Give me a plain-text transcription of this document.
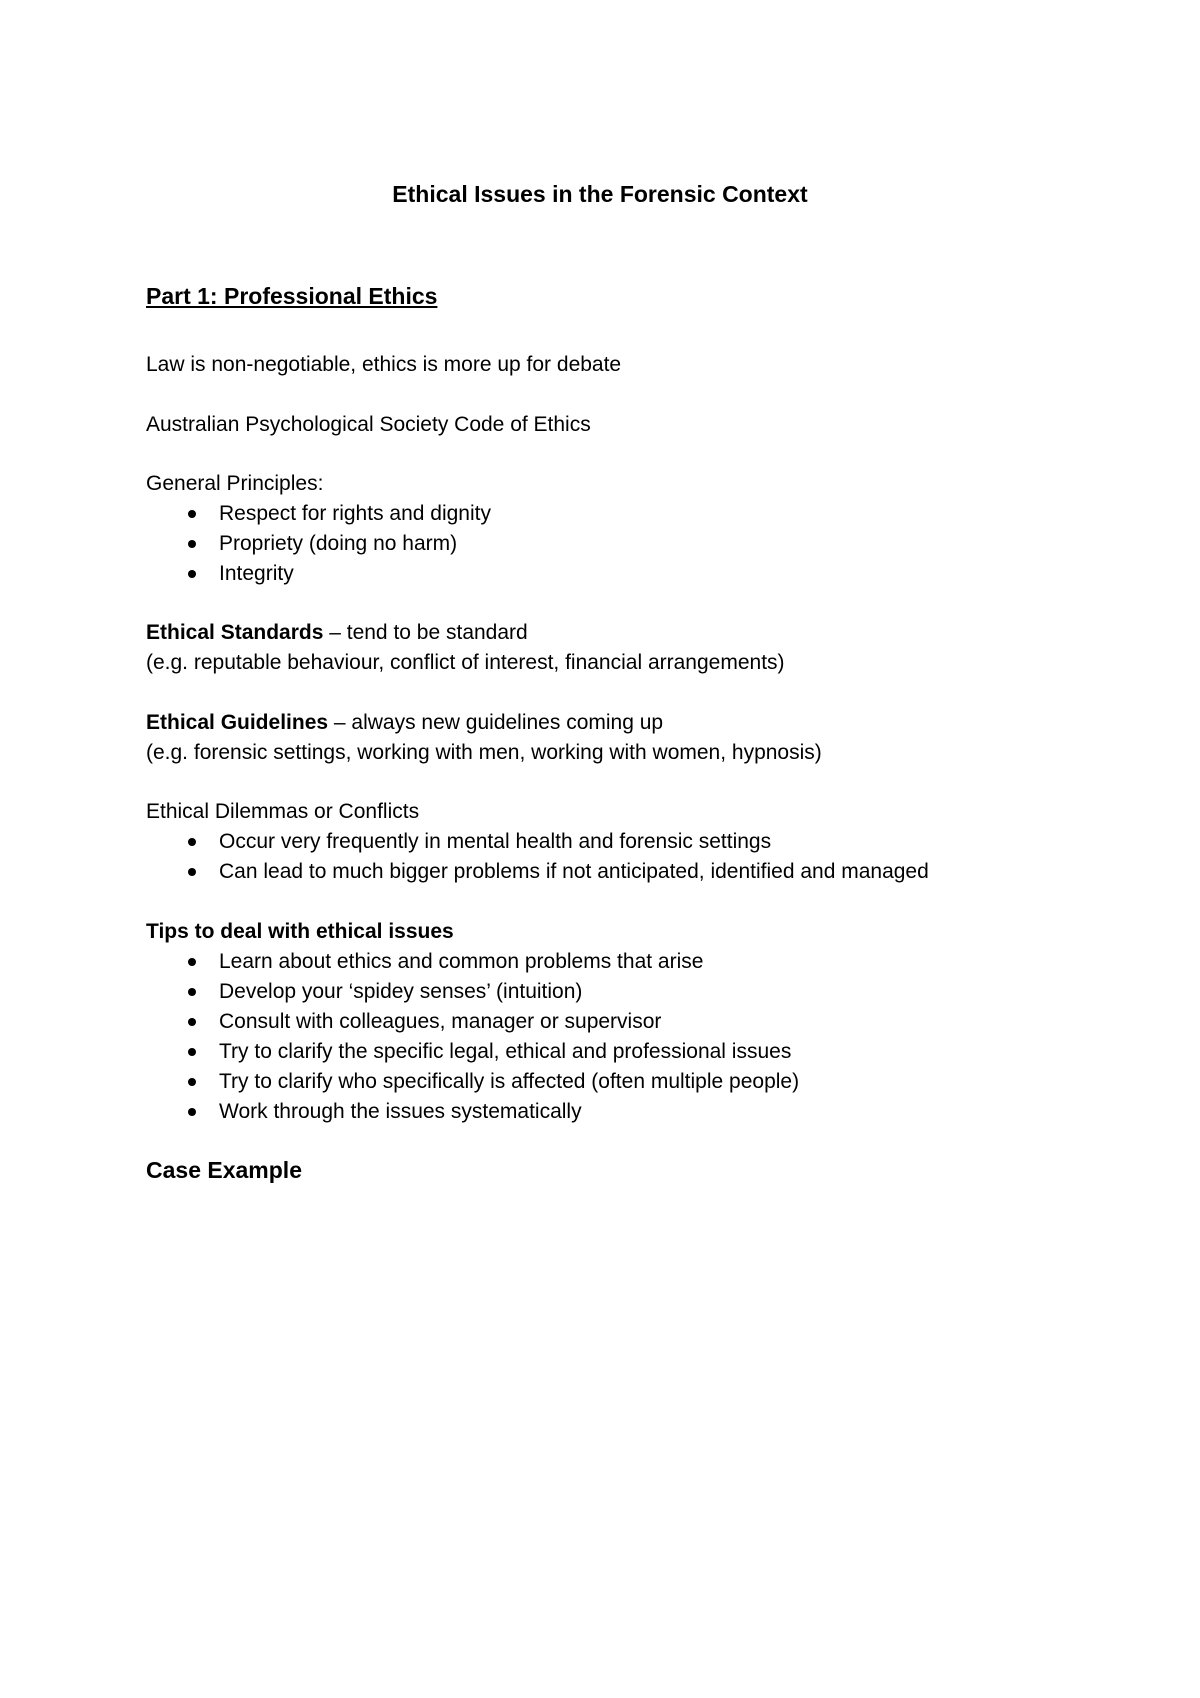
Ethical Issues in the Forensic Context
Part 1: Professional Ethics
Law is non-negotiable, ethics is more up for debate
Australian Psychological Society Code of Ethics
General Principles:
Respect for rights and dignity
Propriety (doing no harm)
Integrity
Ethical Standards – tend to be standard
(e.g. reputable behaviour, conflict of interest, financial arrangements)
Ethical Guidelines – always new guidelines coming up
(e.g. forensic settings, working with men, working with women, hypnosis)
Ethical Dilemmas or Conflicts
Occur very frequently in mental health and forensic settings
Can lead to much bigger problems if not anticipated, identified and managed
Tips to deal with ethical issues
Learn about ethics and common problems that arise
Develop your ‘spidey senses’ (intuition)
Consult with colleagues, manager or supervisor
Try to clarify the specific legal, ethical and professional issues
Try to clarify who specifically is affected (often multiple people)
Work through the issues systematically
Case Example
